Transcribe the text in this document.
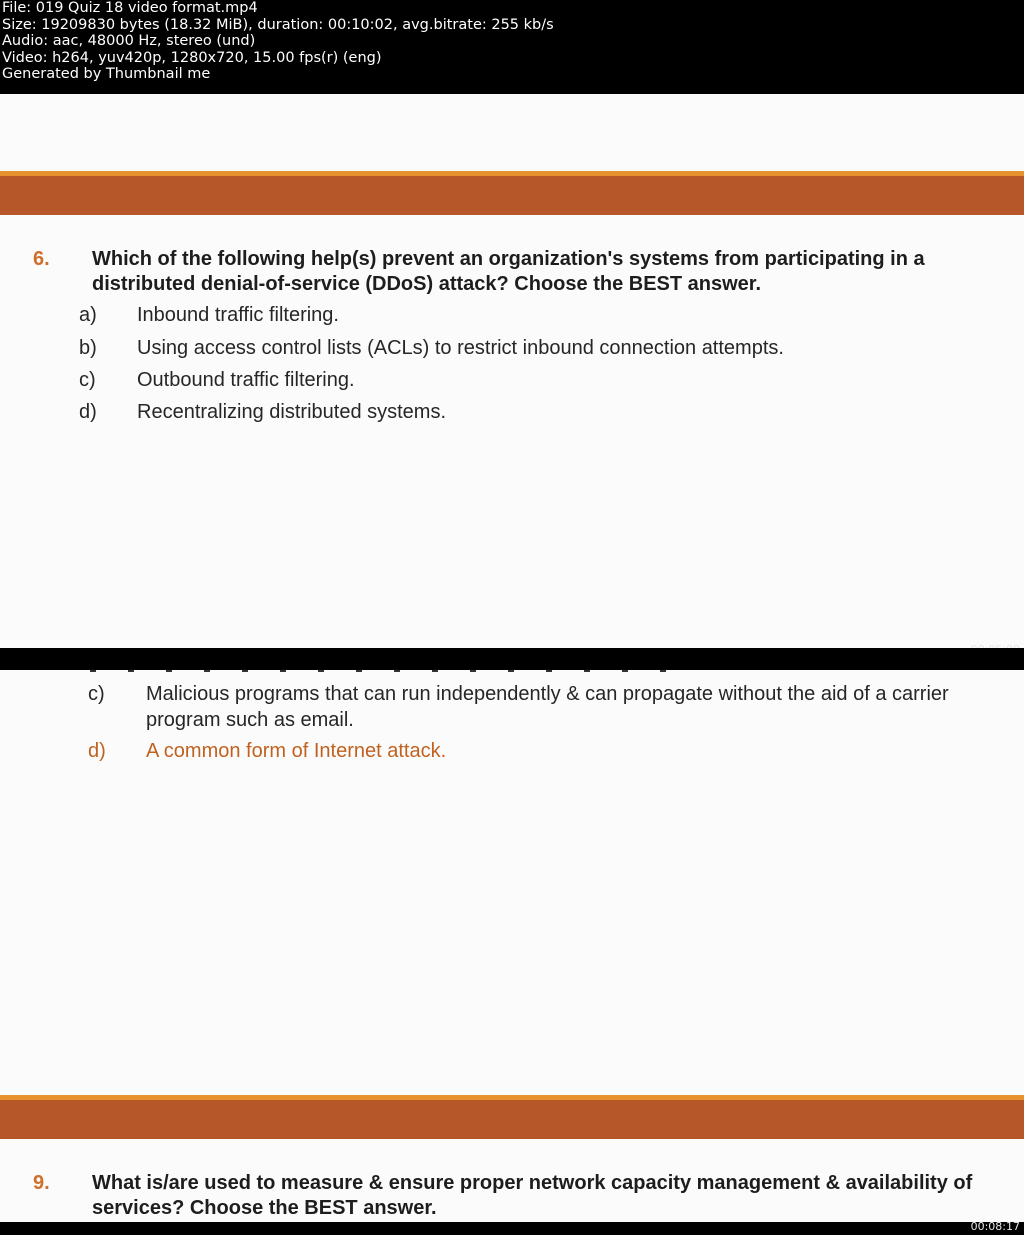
File: 019 Quiz 18 video format.mp4
Size: 19209830 bytes (18.32 MiB), duration: 00:10:02, avg.bitrate: 255 kb/s
Audio: aac, 48000 Hz, stereo (und)
Video: h264, yuv420p, 1280x720, 15.00 fps(r) (eng)
Generated by Thumbnail me
6. Which of the following help(s) prevent an organization's systems from participating in a distributed denial-of-service (DDoS) attack? Choose the BEST answer.
a) Inbound traffic filtering.
b) Using access control lists (ACLs) to restrict inbound connection attempts.
c) Outbound traffic filtering.
d) Recentralizing distributed systems.
c) Malicious programs that can run independently & can propagate without the aid of a carrier program such as email.
d) A common form of Internet attack.
9. What is/are used to measure & ensure proper network capacity management & availability of services? Choose the BEST answer.
00:08:17
